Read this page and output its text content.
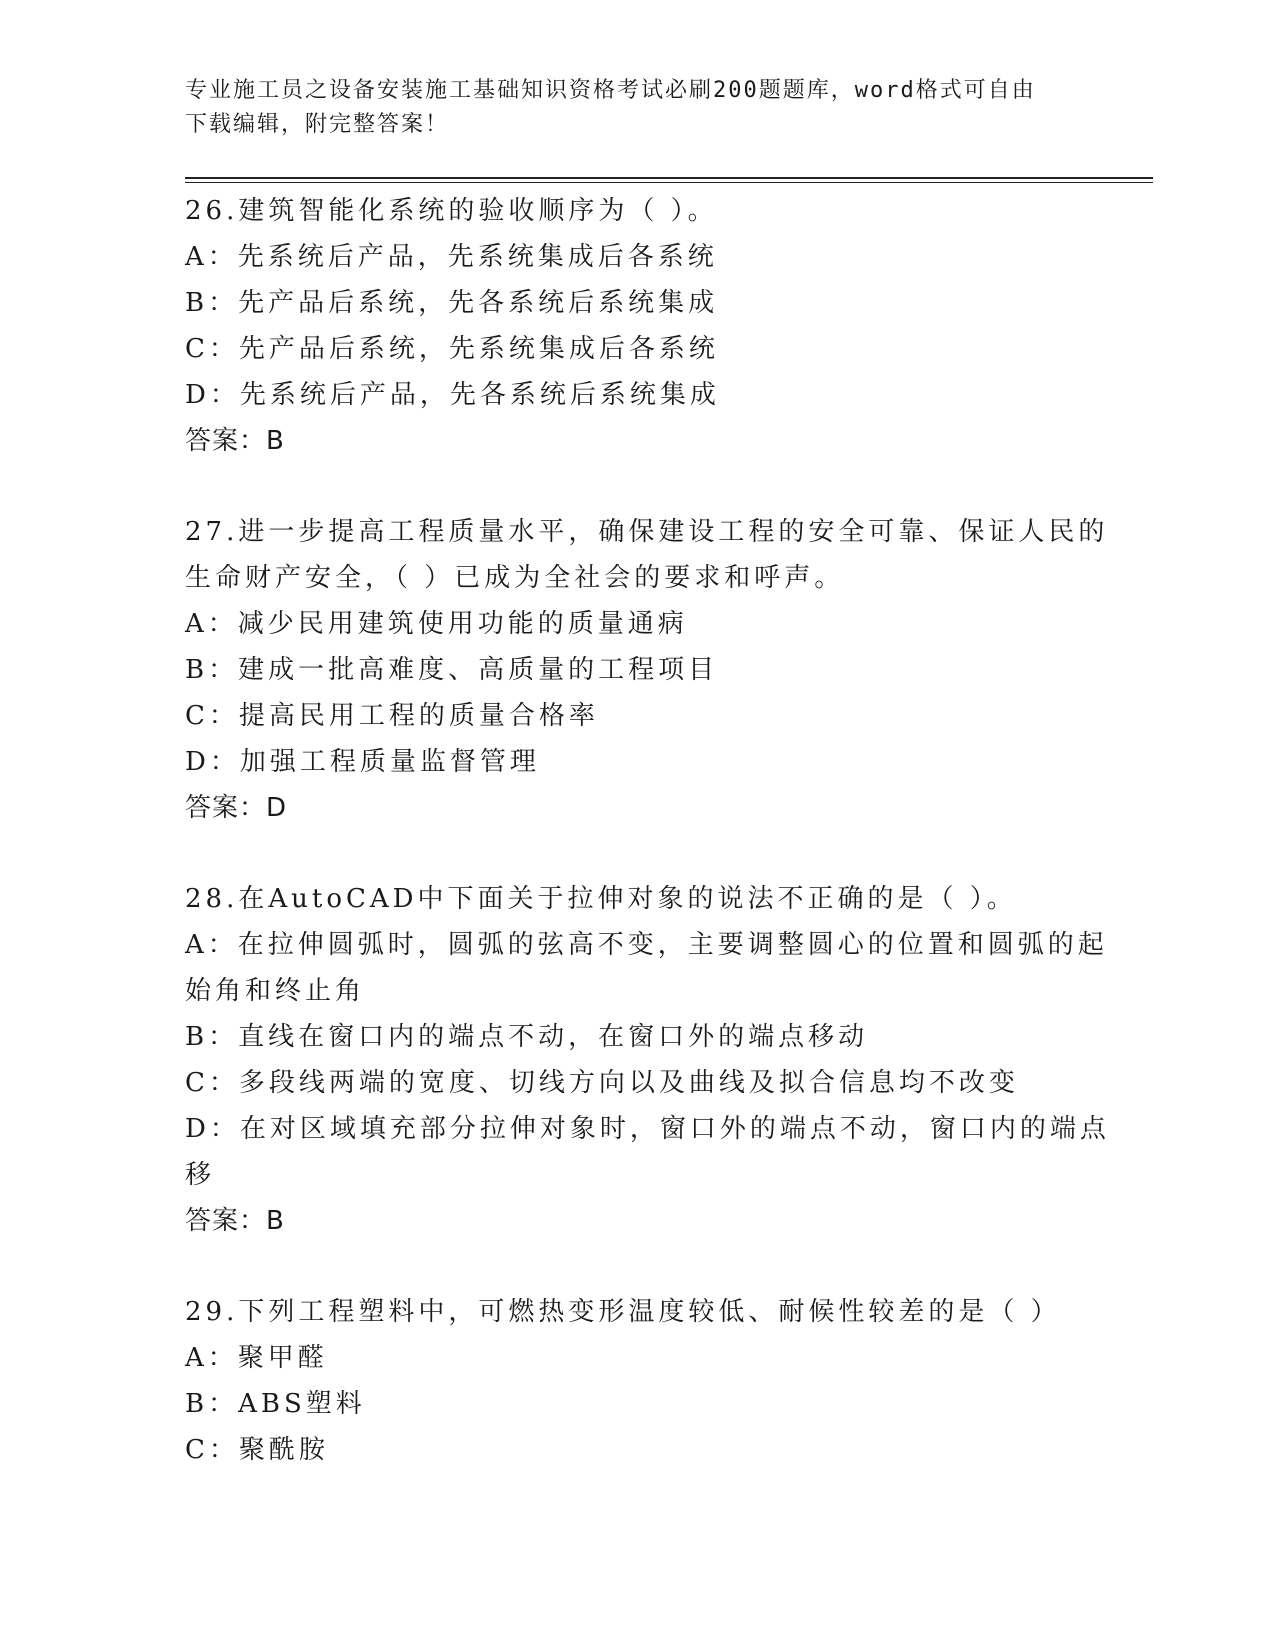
专业施工员之设备安装施工基础知识资格考试必刷200题题库，word格式可自由
下载编辑，附完整答案！
26.建筑智能化系统的验收顺序为（ ）。
A：先系统后产品，先系统集成后各系统
B：先产品后系统，先各系统后系统集成
C：先产品后系统，先系统集成后各系统
D：先系统后产品，先各系统后系统集成
答案：B
27.进一步提高工程质量水平，确保建设工程的安全可靠、保证人民的
生命财产安全，（ ）已成为全社会的要求和呼声。
A：减少民用建筑使用功能的质量通病
B：建成一批高难度、高质量的工程项目
C：提高民用工程的质量合格率
D：加强工程质量监督管理
答案：D
28.在AutoCAD中下面关于拉伸对象的说法不正确的是（ ）。
A：在拉伸圆弧时，圆弧的弦高不变，主要调整圆心的位置和圆弧的起
始角和终止角
B：直线在窗口内的端点不动，在窗口外的端点移动
C：多段线两端的宽度、切线方向以及曲线及拟合信息均不改变
D：在对区域填充部分拉伸对象时，窗口外的端点不动，窗口内的端点
移
答案：B
29.下列工程塑料中，可燃热变形温度较低、耐候性较差的是（ ）
A：聚甲醛
B：ABS塑料
C：聚酰胺
